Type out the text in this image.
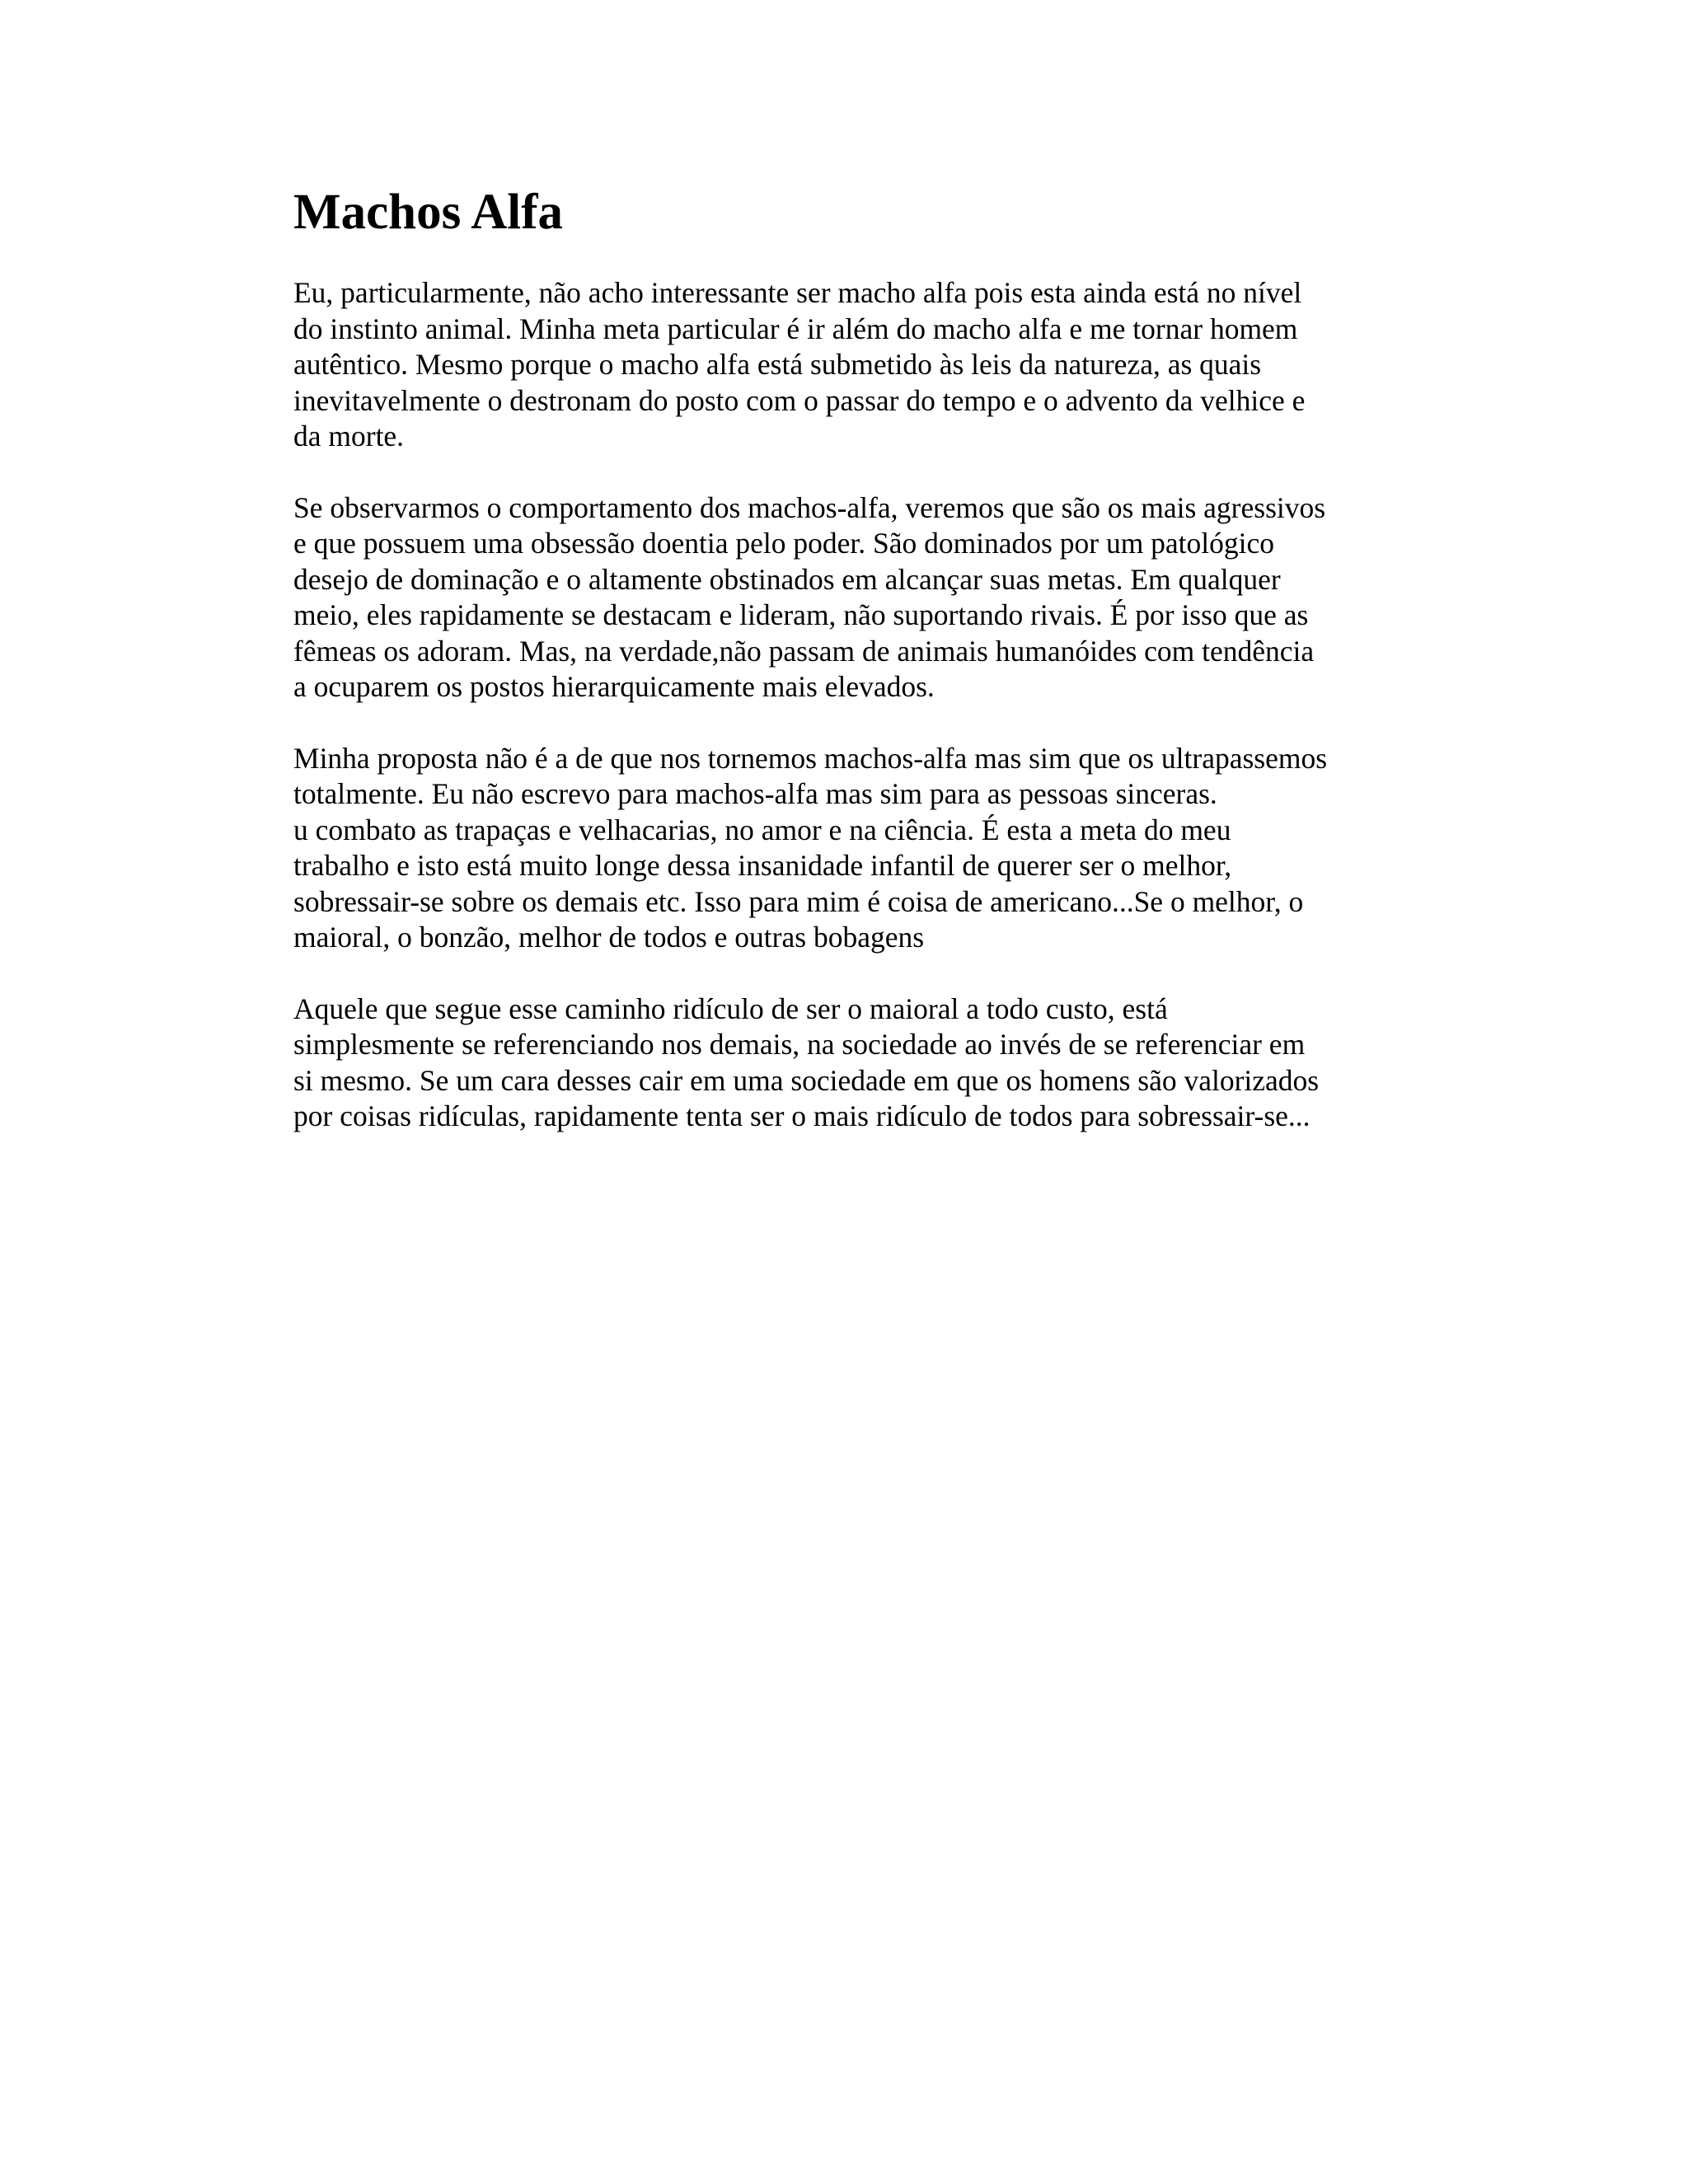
Machos Alfa

Eu, particularmente, não acho interessante ser macho alfa pois esta ainda está no nível
do instinto animal. Minha meta particular é ir além do macho alfa e me tornar homem
autêntico. Mesmo porque o macho alfa está submetido às leis da natureza, as quais
inevitavelmente o destronam do posto com o passar do tempo e o advento da velhice e
da morte.

Se observarmos o comportamento dos machos-alfa, veremos que são os mais agressivos
e que possuem uma obsessão doentia pelo poder. São dominados por um patológico
desejo de dominação e o altamente obstinados em alcançar suas metas. Em qualquer
meio, eles rapidamente se destacam e lideram, não suportando rivais. É por isso que as
fêmeas os adoram. Mas, na verdade,não passam de animais humanóides com tendência
a ocuparem os postos hierarquicamente mais elevados.

Minha proposta não é a de que nos tornemos machos-alfa mas sim que os ultrapassemos
totalmente. Eu não escrevo para machos-alfa mas sim para as pessoas sinceras.
u combato as trapaças e velhacarias, no amor e na ciência. É esta a meta do meu
trabalho e isto está muito longe dessa insanidade infantil de querer ser o melhor,
sobressair-se sobre os demais etc. Isso para mim é coisa de americano...Se o melhor, o
maioral, o bonzão, melhor de todos e outras bobagens

Aquele que segue esse caminho ridículo de ser o maioral a todo custo, está
simplesmente se referenciando nos demais, na sociedade ao invés de se referenciar em
si mesmo. Se um cara desses cair em uma sociedade em que os homens são valorizados
por coisas ridículas, rapidamente tenta ser o mais ridículo de todos para sobressair-se...
